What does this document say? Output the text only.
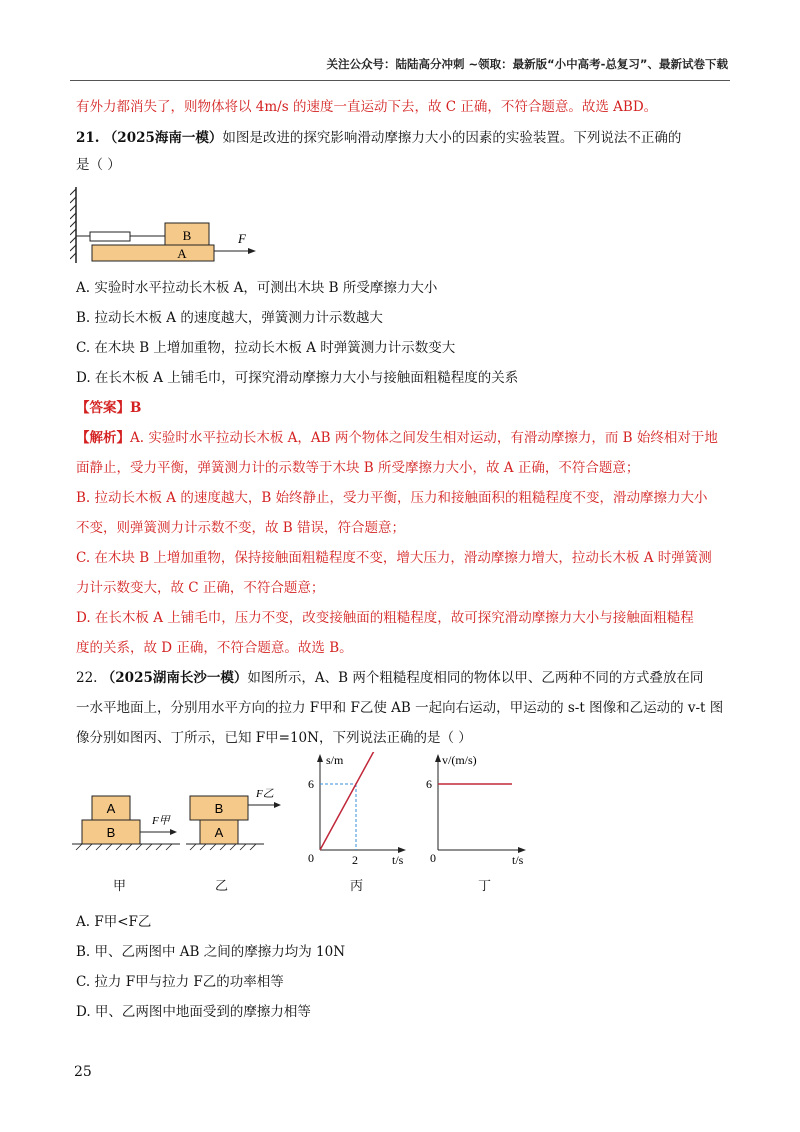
关注公众号：陆陆高分冲刺 ~领取：最新版“小中高考-总复习”、最新试卷下载
有外力都消失了，则物体将以 4m/s 的速度一直运动下去，故 C 正确，不符合题意。故选 ABD。
21. （2025海南一模）如图是改进的探究影响滑动摩擦力大小的因素的实验装置。下列说法不正确的
是（ ）
B
A
F
A. 实验时水平拉动长木板 A，可测出木块 B 所受摩擦力大小
B. 拉动长木板 A 的速度越大，弹簧测力计示数越大
C. 在木块 B 上增加重物，拉动长木板 A 时弹簧测力计示数变大
D. 在长木板 A 上铺毛巾，可探究滑动摩擦力大小与接触面粗糙程度的关系
【答案】B
【解析】A. 实验时水平拉动长木板 A，AB 两个物体之间发生相对运动，有滑动摩擦力，而 B 始终相对于地
面静止，受力平衡，弹簧测力计的示数等于木块 B 所受摩擦力大小，故 A 正确，不符合题意；
B. 拉动长木板 A 的速度越大，B 始终静止，受力平衡，压力和接触面积的粗糙程度不变，滑动摩擦力大小
不变，则弹簧测力计示数不变，故 B 错误，符合题意；
C. 在木块 B 上增加重物，保持接触面粗糙程度不变，增大压力，滑动摩擦力增大，拉动长木板 A 时弹簧测
力计示数变大，故 C 正确，不符合题意；
D. 在长木板 A 上铺毛巾，压力不变，改变接触面的粗糙程度，故可探究滑动摩擦力大小与接触面粗糙程
度的关系，故 D 正确，不符合题意。故选 B。
22. （2025湖南长沙一模）如图所示，A、B 两个粗糙程度相同的物体以甲、乙两种不同的方式叠放在同
一水平地面上，分别用水平方向的拉力 F甲和 F乙使 AB 一起向右运动，甲运动的 s-t 图像和乙运动的 v-t 图
像分别如图丙、丁所示，已知 F甲=10N，下列说法正确的是（ ）
A
B
F甲
B
A
F乙
s/m
t/s
0
6
2
v/(m/s)
t/s
0
6
甲	乙	丙	丁
A. F甲<F乙
B. 甲、乙两图中 AB 之间的摩擦力均为 10N
C. 拉力 F甲与拉力 F乙的功率相等
D. 甲、乙两图中地面受到的摩擦力相等
25
